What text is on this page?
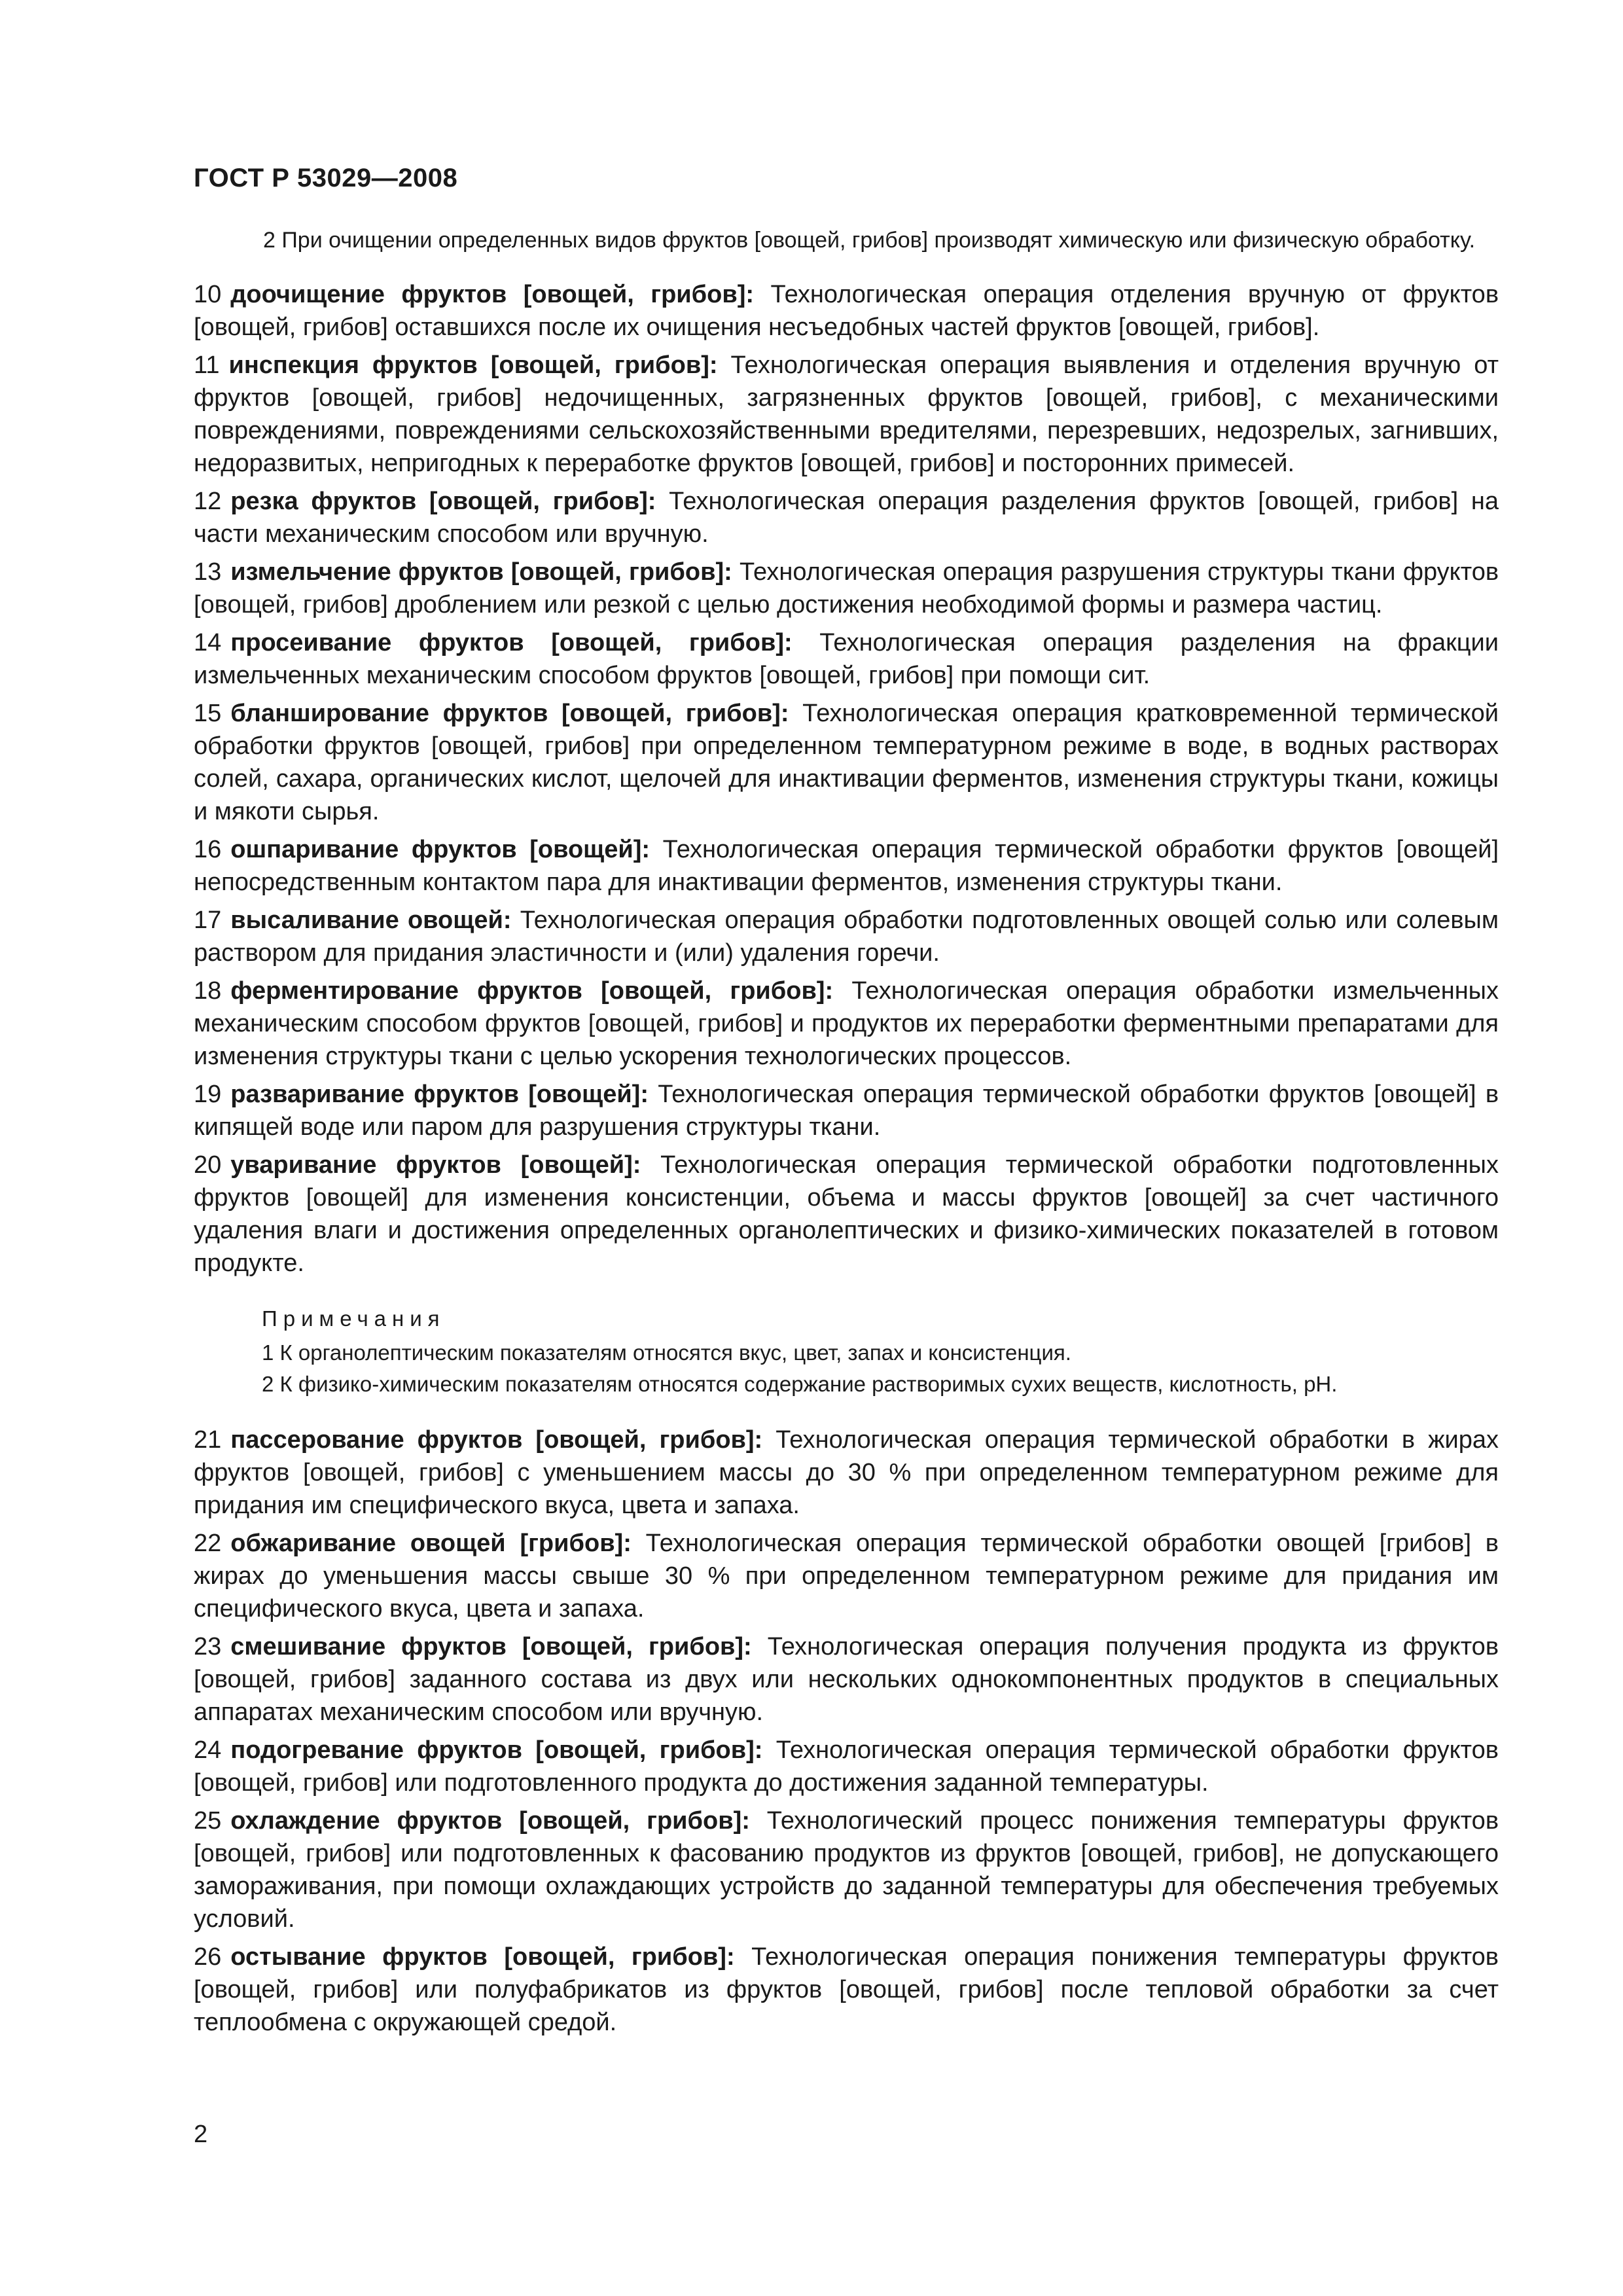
ГОСТ Р 53029—2008

2 При очищении определенных видов фруктов [овощей, грибов] производят химическую или физическую обработку.

10 доочищение фруктов [овощей, грибов]: Технологическая операция отделения вручную от фруктов [овощей, грибов] оставшихся после их очищения несъедобных частей фруктов [овощей, грибов].

11 инспекция фруктов [овощей, грибов]: Технологическая операция выявления и отделения вручную от фруктов [овощей, грибов] недочищенных, загрязненных фруктов [овощей, грибов], с механическими повреждениями, повреждениями сельскохозяйственными вредителями, перезревших, недозрелых, загнивших, недоразвитых, непригодных к переработке фруктов [овощей, грибов] и посторонних примесей.

12 резка фруктов [овощей, грибов]: Технологическая операция разделения фруктов [овощей, грибов] на части механическим способом или вручную.

13 измельчение фруктов [овощей, грибов]: Технологическая операция разрушения структуры ткани фруктов [овощей, грибов] дроблением или резкой с целью достижения необходимой формы и размера частиц.

14 просеивание фруктов [овощей, грибов]: Технологическая операция разделения на фракции измельченных механическим способом фруктов [овощей, грибов] при помощи сит.

15 бланширование фруктов [овощей, грибов]: Технологическая операция кратковременной термической обработки фруктов [овощей, грибов] при определенном температурном режиме в воде, в водных растворах солей, сахара, органических кислот, щелочей для инактивации ферментов, изменения структуры ткани, кожицы и мякоти сырья.

16 ошпаривание фруктов [овощей]: Технологическая операция термической обработки фруктов [овощей] непосредственным контактом пара для инактивации ферментов, изменения структуры ткани.

17 высаливание овощей: Технологическая операция обработки подготовленных овощей солью или солевым раствором для придания эластичности и (или) удаления горечи.

18 ферментирование фруктов [овощей, грибов]: Технологическая операция обработки измельченных механическим способом фруктов [овощей, грибов] и продуктов их переработки ферментными препаратами для изменения структуры ткани с целью ускорения технологических процессов.

19 разваривание фруктов [овощей]: Технологическая операция термической обработки фруктов [овощей] в кипящей воде или паром для разрушения структуры ткани.

20 уваривание фруктов [овощей]: Технологическая операция термической обработки подготовленных фруктов [овощей] для изменения консистенции, объема и массы фруктов [овощей] за счет частичного удаления влаги и достижения определенных органолептических и физико-химических показателей в готовом продукте.

Примечания
1 К органолептическим показателям относятся вкус, цвет, запах и консистенция.
2 К физико-химическим показателям относятся содержание растворимых сухих веществ, кислотность, pH.

21 пассерование фруктов [овощей, грибов]: Технологическая операция термической обработки в жирах фруктов [овощей, грибов] с уменьшением массы до 30 % при определенном температурном режиме для придания им специфического вкуса, цвета и запаха.

22 обжаривание овощей [грибов]: Технологическая операция термической обработки овощей [грибов] в жирах до уменьшения массы свыше 30 % при определенном температурном режиме для придания им специфического вкуса, цвета и запаха.

23 смешивание фруктов [овощей, грибов]: Технологическая операция получения продукта из фруктов [овощей, грибов] заданного состава из двух или нескольких однокомпонентных продуктов в специальных аппаратах механическим способом или вручную.

24 подогревание фруктов [овощей, грибов]: Технологическая операция термической обработки фруктов [овощей, грибов] или подготовленного продукта до достижения заданной температуры.

25 охлаждение фруктов [овощей, грибов]: Технологический процесс понижения температуры фруктов [овощей, грибов] или подготовленных к фасованию продуктов из фруктов [овощей, грибов], не допускающего замораживания, при помощи охлаждающих устройств до заданной температуры для обеспечения требуемых условий.

26 остывание фруктов [овощей, грибов]: Технологическая операция понижения температуры фруктов [овощей, грибов] или полуфабрикатов из фруктов [овощей, грибов] после тепловой обработки за счет теплообмена с окружающей средой.

2
